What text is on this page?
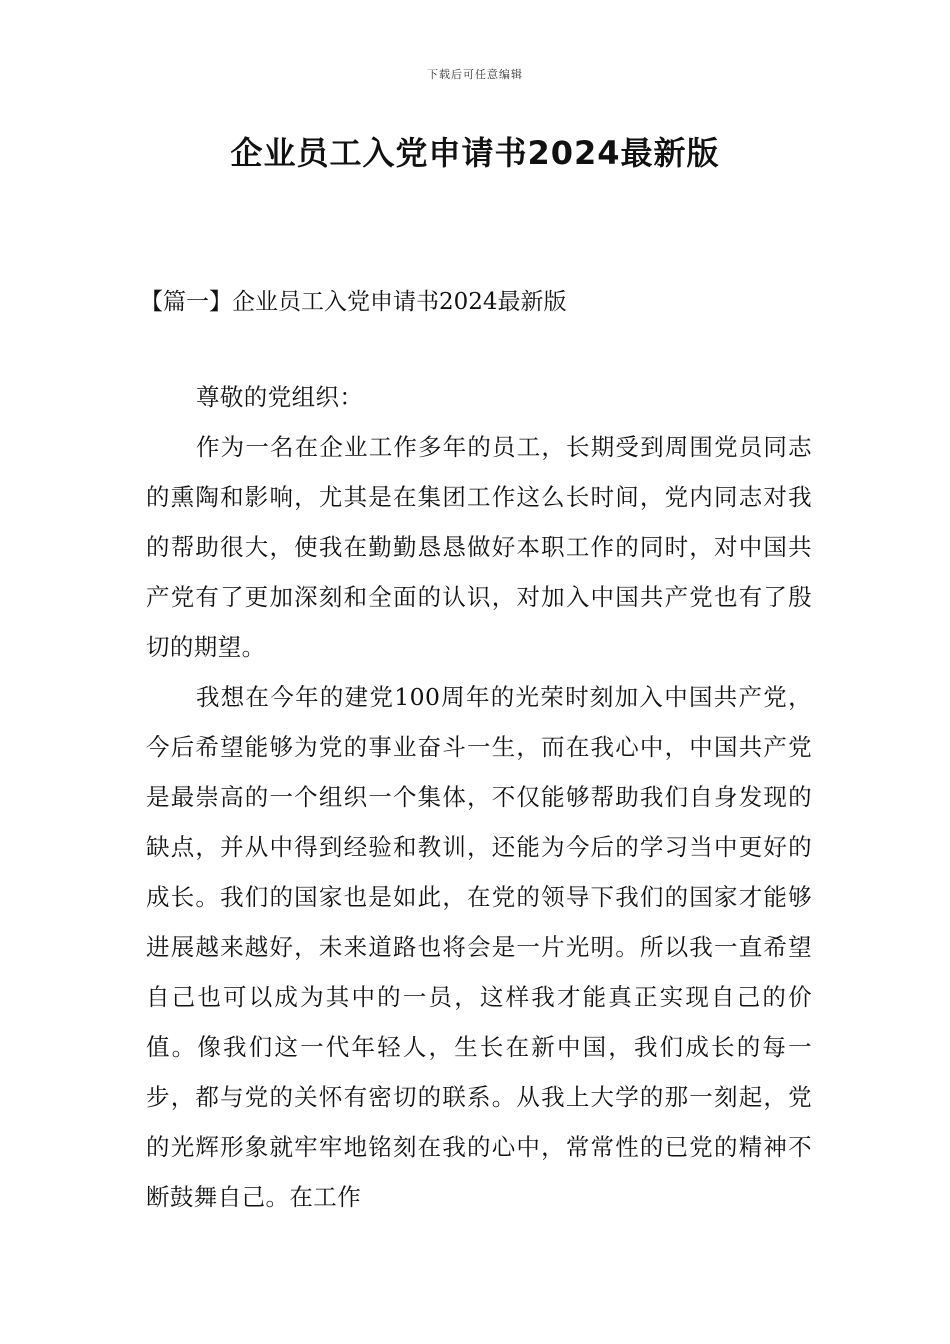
下载后可任意编辑
企业员工入党申请书2024最新版
【篇一】企业员工入党申请书2024最新版

尊敬的党组织：

作为一名在企业工作多年的员工，长期受到周围党员同志的熏陶和影响，尤其是在集团工作这么长时间，党内同志对我的帮助很大，使我在勤勤恳恳做好本职工作的同时，对中国共产党有了更加深刻和全面的认识，对加入中国共产党也有了殷切的期望。

我想在今年的建党100周年的光荣时刻加入中国共产党，今后希望能够为党的事业奋斗一生，而在我心中，中国共产党是最崇高的一个组织一个集体，不仅能够帮助我们自身发现的缺点，并从中得到经验和教训，还能为今后的学习当中更好的成长。我们的国家也是如此，在党的领导下我们的国家才能够进展越来越好，未来道路也将会是一片光明。所以我一直希望自己也可以成为其中的一员，这样我才能真正实现自己的价值。像我们这一代年轻人，生长在新中国，我们成长的每一步，都与党的关怀有密切的联系。从我上大学的那一刻起，党的光辉形象就牢牢地铭刻在我的心中，常常性的已党的精神不断鼓舞自己。在工作
